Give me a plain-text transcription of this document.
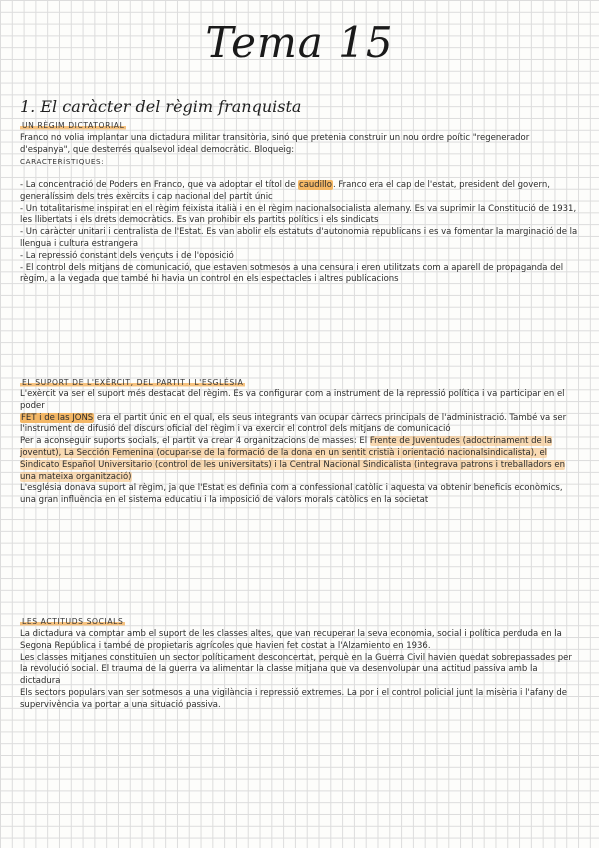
Tema 15
1. El caràcter del règim franquista
UN RÈGIM DICTATORIAL

Franco no volia implantar una dictadura militar transitòria, sinó que pretenia construir un nou ordre poític "regenerador d'espanya", que desterrés qualsevol ideal democràtic. Bloqueig:

CARACTERÍSTIQUES:

- La concentració de Poders en Franco, que va adoptar el títol de caudillo. Franco era el cap de l'estat, president del govern, generalíssim dels tres exèrcits i cap nacional del partit únic

- Un totalitarisme inspirat en el règim feixista italià i en el règim nacionalsocialista alemany. Es va suprimir la Constitució de 1931, les llibertats i els drets democràtics. Es van prohibir els partits polítics i els sindicats

- Un caràcter unitari i centralista de l'Estat. Es van abolir els estatuts d'autonomia republicans i es va fomentar la marginació de la llengua i cultura estrangera

- La repressió constant dels vençuts i de l'oposició

- El control dels mitjans de comunicació, que estaven sotmesos a una censura i eren utilitzats com a aparell de propaganda del règim, a la vegada que també hi havia un control en els espectacles i altres publicacions

EL SUPORT DE L'EXÈRCIT, DEL PARTIT I L'ESGLÉSIA

L'exèrcit va ser el suport més destacat del règim. Es va configurar com a instrument de la repressió política i va participar en el poder

FET i de las JONS era el partit únic en el qual, els seus integrants van ocupar càrrecs principals de l'administració. També va ser l'instrument de difusió del discurs oficial del règim i va exercir el control dels mitjans de comunicació

Per a aconseguir suports socials, el partit va crear 4 organitzacions de masses: El Frente de Juventudes (adoctrinament de la joventut), La Sección Femenina (ocupar-se de la formació de la dona en un sentit cristià i orientació nacionalsindicalista), el Sindicato Español Universitario (control de les universitats) i la Central Nacional Sindicalista (integrava patrons i treballadors en una mateixa organització)

L'església donava suport al règim, ja que l'Estat es definia com a confessional catòlic i aquesta va obtenir beneficis econòmics, una gran influència en el sistema educatiu i la imposició de valors morals catòlics en la societat

LES ACTITUDS SOCIALS

La dictadura va comptar amb el suport de les classes altes, que van recuperar la seva economia, social i política perduda en la Segona República i també de propietaris agrícoles que havien fet costat a l'Alzamiento en 1936.

Les classes mitjanes constituïen un sector políticament desconcertat, perquè en la Guerra Civil havien quedat sobrepassades per la revolució social. El trauma de la guerra va alimentar la classe mitjana que va desenvolupar una actitud passiva amb la dictadura

Els sectors populars van ser sotmesos a una vigilància i repressió extremes. La por i el control policial junt la misèria i l'afany de supervivència va portar a una situació passiva.
